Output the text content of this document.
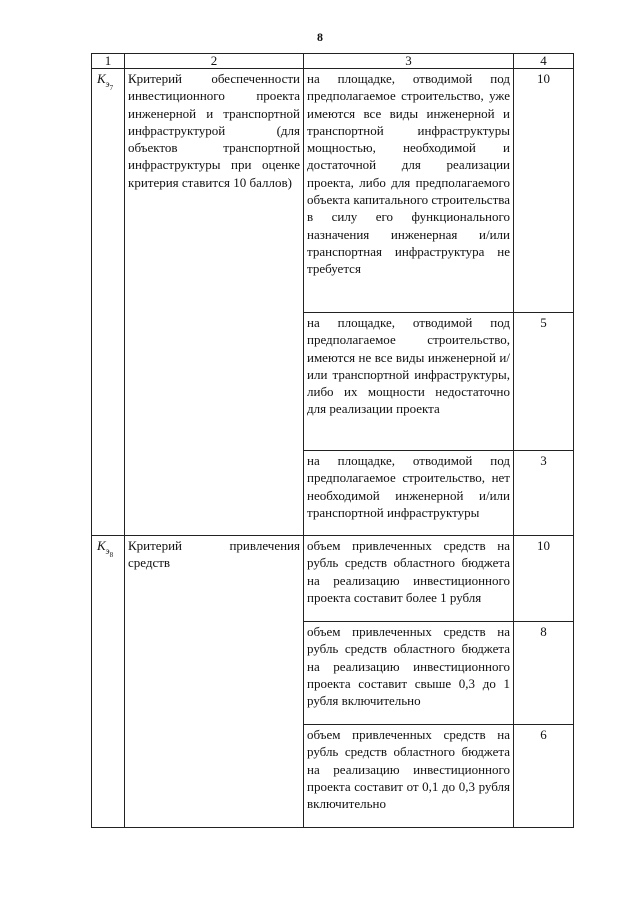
8
1	2	3	4
$K_{э_7}$	Критерий обеспеченности инвестиционного проекта инженерной и транспортной инфраструктурой (для объектов транспортной инфраструктуры при оценке критерия ставится 10 баллов)	на площадке, отводимой под предполагаемое строительство, уже имеются все виды инженерной и транспортной инфраструктуры мощностью, необходимой и достаточной для реализации проекта, либо для предполагаемого объекта капитального строительства в силу его функционального назначения инженерная и/или транспортная инфраструктура не требуется	10
		на площадке, отводимой под предполагаемое строительство, имеются не все виды инженерной и/или транспортной инфраструктуры, либо их мощности недостаточно для реализации проекта	5
		на площадке, отводимой под предполагаемое строительство, нет необходимой инженерной и/или транспортной инфраструктуры	3
$K_{э_8}$	Критерий привлечения средств	объем привлеченных средств на рубль средств областного бюджета на реализацию инвестиционного проекта составит более 1 рубля	10
		объем привлеченных средств на рубль средств областного бюджета на реализацию инвестиционного проекта составит свыше 0,3 до 1 рубля включительно	8
		объем привлеченных средств на рубль средств областного бюджета на реализацию инвестиционного проекта составит от 0,1 до 0,3 рубля включительно	6
